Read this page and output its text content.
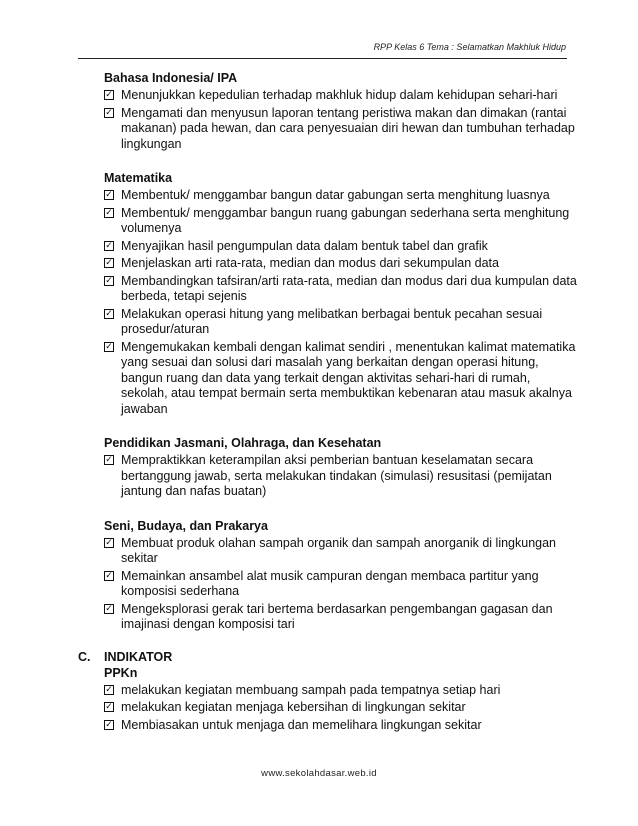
RPP Kelas 6 Tema : Selamatkan Makhluk Hidup
Bahasa Indonesia/ IPA
✓ Menunjukkan kepedulian terhadap makhluk hidup dalam kehidupan sehari-hari
✓ Mengamati dan menyusun laporan tentang peristiwa makan dan dimakan (rantai makanan) pada hewan, dan cara penyesuaian diri hewan dan tumbuhan terhadap lingkungan
Matematika
✓ Membentuk/ menggambar bangun datar gabungan serta menghitung luasnya
✓ Membentuk/ menggambar bangun ruang gabungan sederhana serta menghitung volumenya
✓ Menyajikan hasil pengumpulan data dalam bentuk tabel dan grafik
✓ Menjelaskan arti rata-rata, median dan modus dari sekumpulan data
✓ Membandingkan tafsiran/arti rata-rata, median dan modus dari dua kumpulan data berbeda, tetapi sejenis
✓ Melakukan operasi hitung yang melibatkan berbagai bentuk pecahan sesuai prosedur/aturan
✓ Mengemukakan kembali dengan kalimat sendiri , menentukan kalimat matematika yang sesuai dan solusi dari masalah yang berkaitan dengan operasi hitung, bangun ruang dan data yang terkait dengan aktivitas sehari-hari di rumah, sekolah, atau tempat bermain serta membuktikan kebenaran atau masuk akalnya jawaban
Pendidikan Jasmani, Olahraga, dan Kesehatan
✓ Mempraktikkan keterampilan aksi pemberian bantuan keselamatan secara bertanggung jawab, serta melakukan tindakan (simulasi) resusitasi (pemijatan jantung dan nafas buatan)
Seni, Budaya, dan Prakarya
✓ Membuat produk olahan sampah organik dan sampah anorganik di lingkungan sekitar
✓ Memainkan ansambel alat musik campuran dengan membaca partitur yang komposisi sederhana
✓ Mengeksplorasi gerak tari bertema berdasarkan pengembangan gagasan dan imajinasi dengan komposisi tari
C. INDIKATOR
PPKn
✓ melakukan kegiatan membuang sampah pada tempatnya setiap hari
✓ melakukan kegiatan menjaga kebersihan di lingkungan sekitar
✓ Membiasakan untuk menjaga dan memelihara lingkungan sekitar
www.sekolahdasar.web.id
